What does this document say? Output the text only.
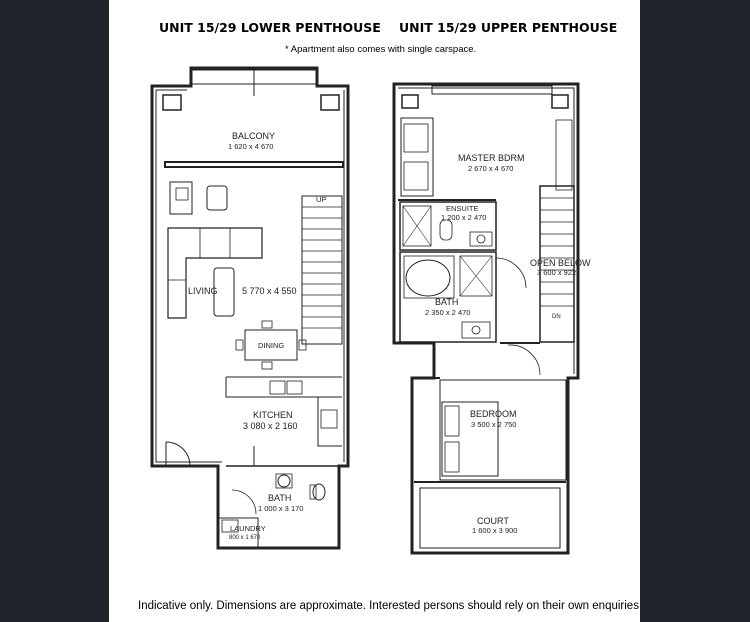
UNIT 15/29 LOWER PENTHOUSE UNIT 15/29 UPPER PENTHOUSE
* Apartment also comes with single carspace.
BALCONY
1 620 x 4 670
LIVING	5 770 x 4 550
DINING
KITCHEN
3 080 x 2 160
BATH
1 000 x 3 170
LAUNDRY
800 x 1 670
UP
MASTER BDRM
2 670 x 4 670
ENSUITE
1 200 x 2 470
OPEN BELOW
3 600 x 922
BATH
2 350 x 2 470
BEDROOM
3 500 x 2 750
COURT
1 600 x 3 900
DN
Indicative only. Dimensions are approximate. Interested persons should rely on their own enquiries
